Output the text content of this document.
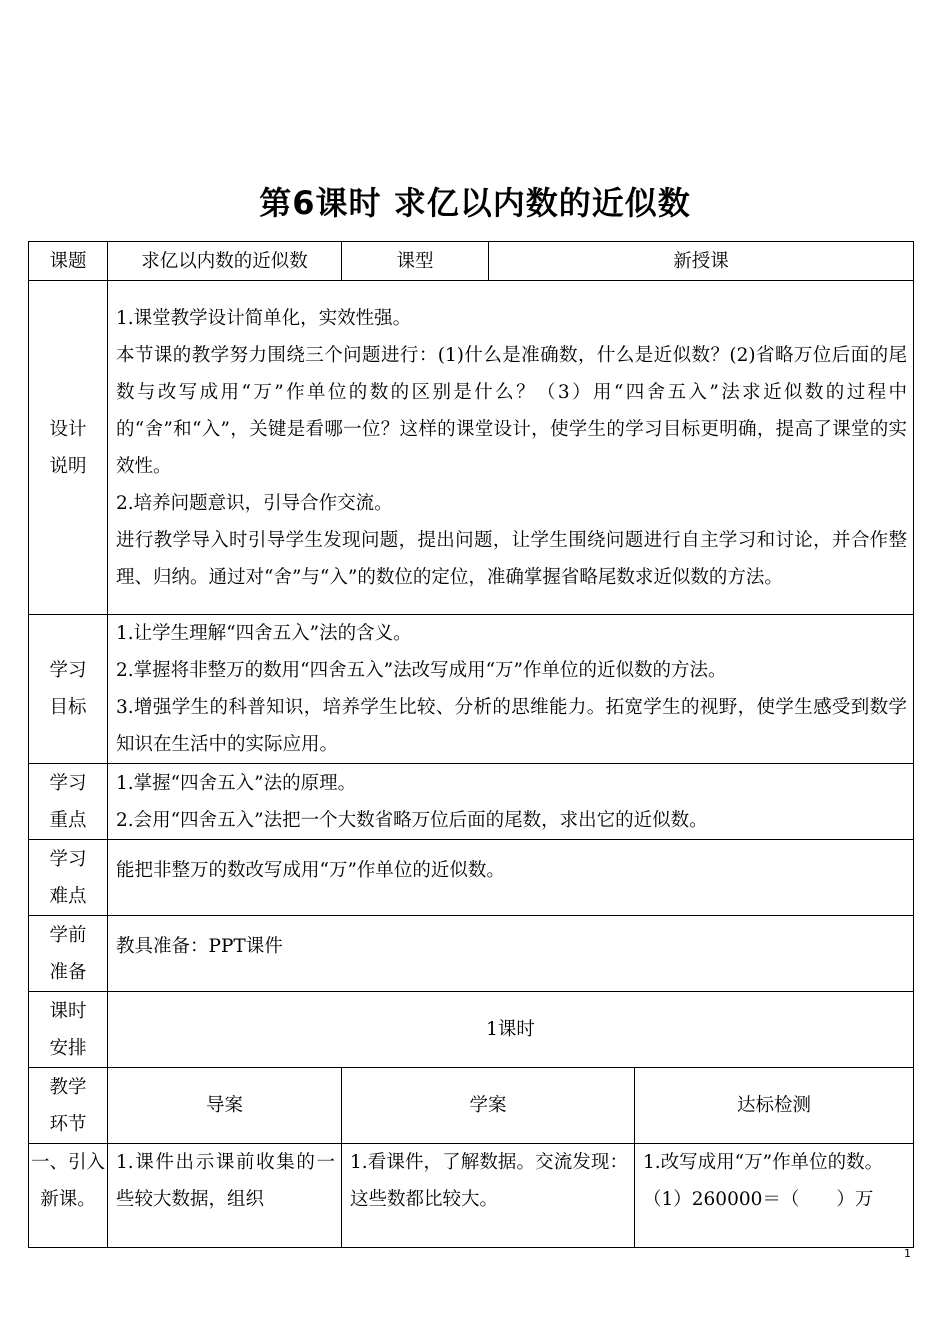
第6课时 求亿以内数的近似数
课题	求亿以内数的近似数	课型	新授课	
设计说明	1.课堂教学设计简单化，实效性强。
本节课的教学努力围绕三个问题进行：(1)什么是准确数，什么是近似数？(2)省略万位后面的尾数与改写成用“万”作单位的数的区别是什么？（3）用“四舍五入”法求近似数的过程中的“舍”和“入”，关键是看哪一位？这样的课堂设计，使学生的学习目标更明确，提高了课堂的实效性。
2.培养问题意识，引导合作交流。
进行教学导入时引导学生发现问题，提出问题，让学生围绕问题进行自主学习和讨论，并合作整理、归纳。通过对“舍”与“入”的数位的定位，准确掌握省略尾数求近似数的方法。			

学习目标	1.让学生理解“四舍五入”法的含义。
2.掌握将非整万的数用“四舍五入”法改写成用“万”作单位的近似数的方法。
3.增强学生的科普知识，培养学生比较、分析的思维能力。拓宽学生的视野，使学生感受到数学知识在生活中的实际应用。			

学习重点	1.掌握“四舍五入”法的原理。
2.会用“四舍五入”法把一个大数省略万位后面的尾数，求出它的近似数。			

学习难点	能把非整万的数改写成用“万”作单位的近似数。			
学前准备	教具准备：PPT课件			
课时安排	1课时			
教学环节	导案	学案		达标检测
一、引入新课。	1.课件出示课前收集的一些较大数据，组织	1.看课件，了解数据。交流发现：这些数都比较大。		1.改写成用“万”作单位的数。
（1）260000＝（　　）万
1
